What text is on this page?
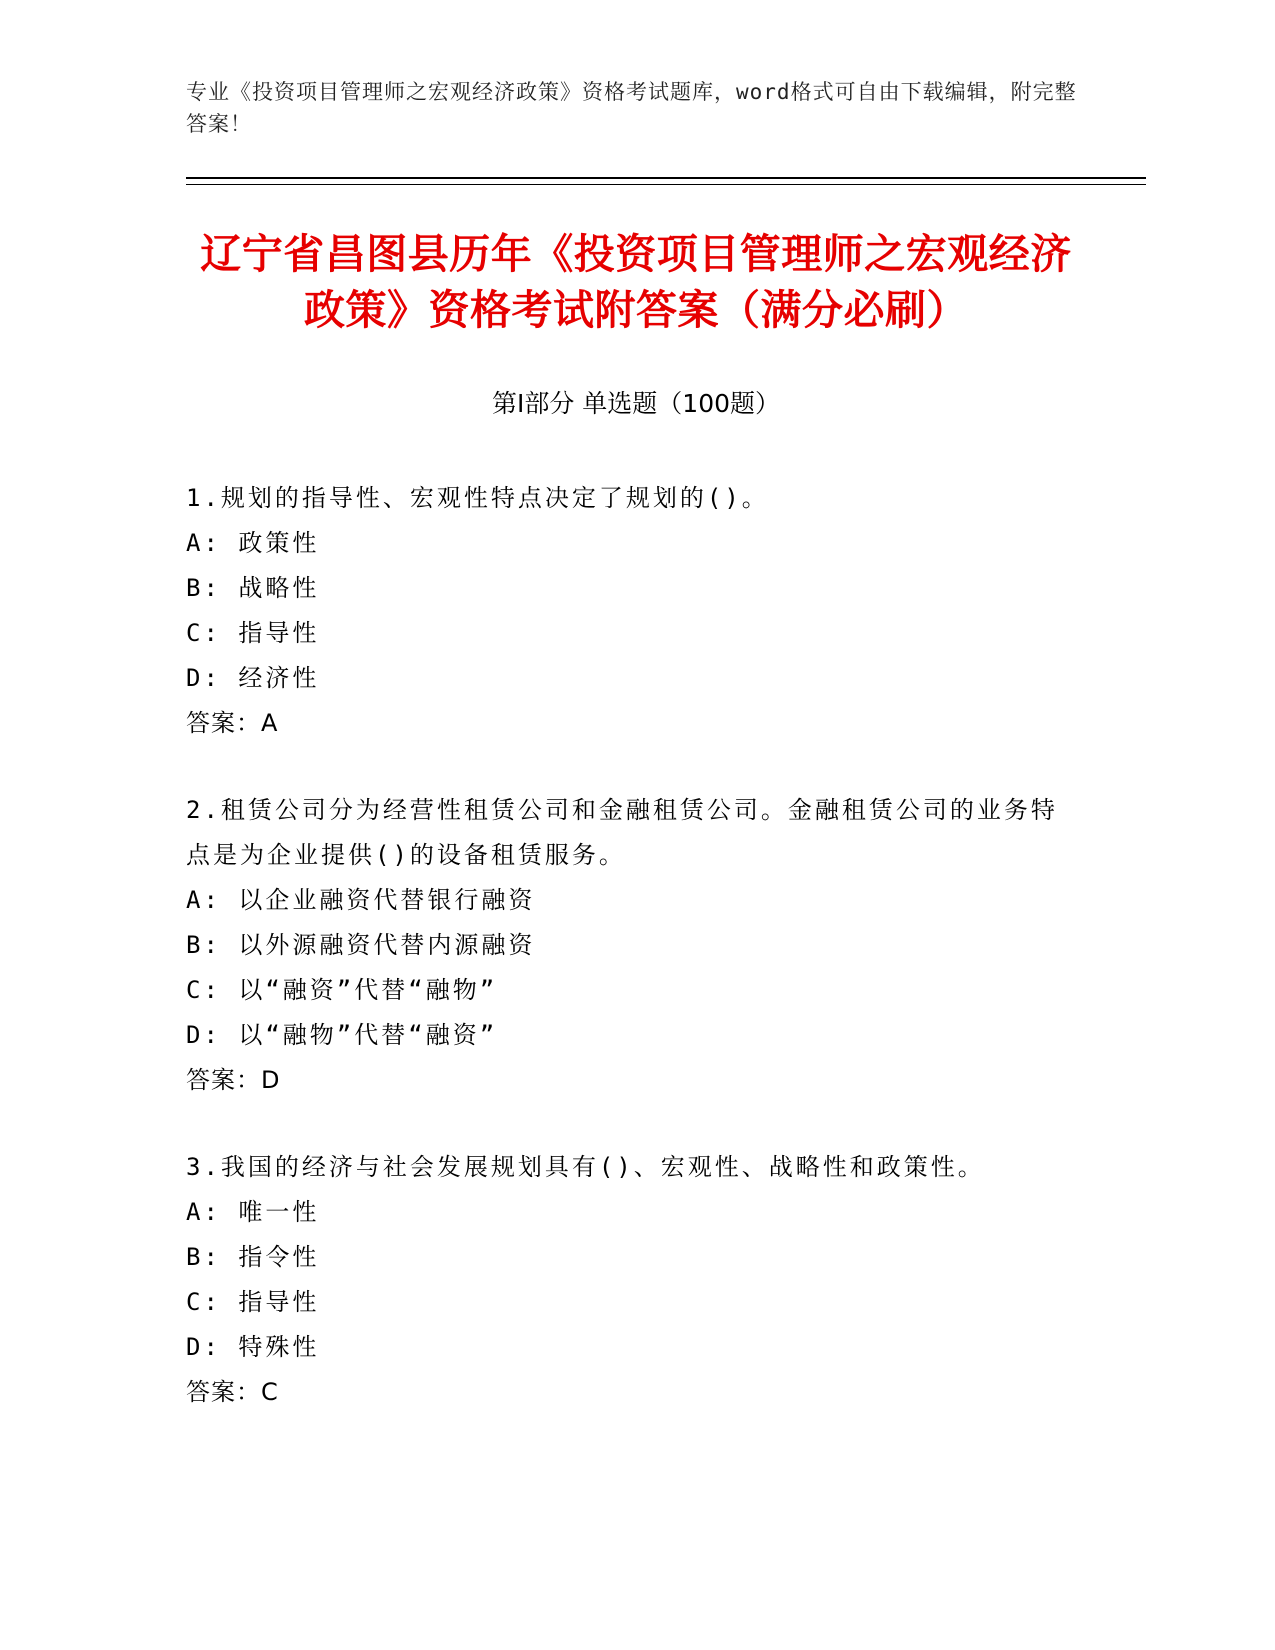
专业《投资项目管理师之宏观经济政策》资格考试题库，word格式可自由下载编辑，附完整答案！
辽宁省昌图县历年《投资项目管理师之宏观经济政策》资格考试附答案（满分必刷）
第Ⅰ部分 单选题（100题）

1.规划的指导性、宏观性特点决定了规划的()。

A: 政策性

B: 战略性

C: 指导性

D: 经济性

答案：A

2.租赁公司分为经营性租赁公司和金融租赁公司。金融租赁公司的业务特点是为企业提供()的设备租赁服务。

A: 以企业融资代替银行融资

B: 以外源融资代替内源融资

C: 以“融资”代替“融物”

D: 以“融物”代替“融资”

答案：D

3.我国的经济与社会发展规划具有()、宏观性、战略性和政策性。

A: 唯一性

B: 指令性

C: 指导性

D: 特殊性

答案：C
